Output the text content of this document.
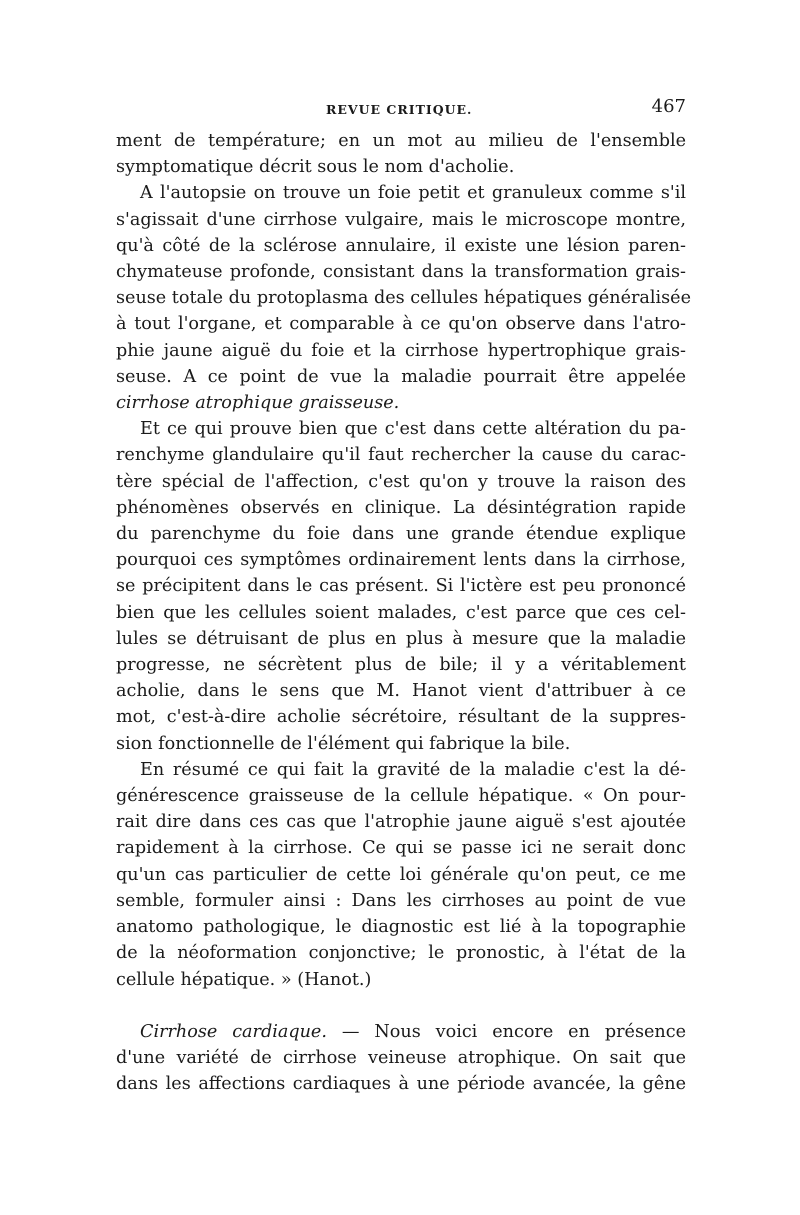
REVUE CRITIQUE.	467

ment de température; en un mot au milieu de l'ensemble
symptomatique décrit sous le nom d'acholie.

A l'autopsie on trouve un foie petit et granuleux comme s'il
s'agissait d'une cirrhose vulgaire, mais le microscope montre,
qu'à côté de la sclérose annulaire, il existe une lésion paren-
chymateuse profonde, consistant dans la transformation grais-
seuse totale du protoplasma des cellules hépatiques généralisée
à tout l'organe, et comparable à ce qu'on observe dans l'atro-
phie jaune aiguë du foie et la cirrhose hypertrophique grais-
seuse. A ce point de vue la maladie pourrait être appelée
cirrhose atrophique graisseuse.

Et ce qui prouve bien que c'est dans cette altération du pa-
renchyme glandulaire qu'il faut rechercher la cause du carac-
tère spécial de l'affection, c'est qu'on y trouve la raison des
phénomènes observés en clinique. La désintégration rapide
du parenchyme du foie dans une grande étendue explique
pourquoi ces symptômes ordinairement lents dans la cirrhose,
se précipitent dans le cas présent. Si l'ictère est peu prononcé
bien que les cellules soient malades, c'est parce que ces cel-
lules se détruisant de plus en plus à mesure que la maladie
progresse, ne sécrètent plus de bile; il y a véritablement
acholie, dans le sens que M. Hanot vient d'attribuer à ce
mot, c'est-à-dire acholie sécrétoire, résultant de la suppres-
sion fonctionnelle de l'élément qui fabrique la bile.

En résumé ce qui fait la gravité de la maladie c'est la dé-
générescence graisseuse de la cellule hépatique. « On pour-
rait dire dans ces cas que l'atrophie jaune aiguë s'est ajoutée
rapidement à la cirrhose. Ce qui se passe ici ne serait donc
qu'un cas particulier de cette loi générale qu'on peut, ce me
semble, formuler ainsi : Dans les cirrhoses au point de vue
anatomo pathologique, le diagnostic est lié à la topographie
de la néoformation conjonctive; le pronostic, à l'état de la
cellule hépatique. » (Hanot.)

Cirrhose cardiaque. — Nous voici encore en présence
d'une variété de cirrhose veineuse atrophique. On sait que
dans les affections cardiaques à une période avancée, la gêne
